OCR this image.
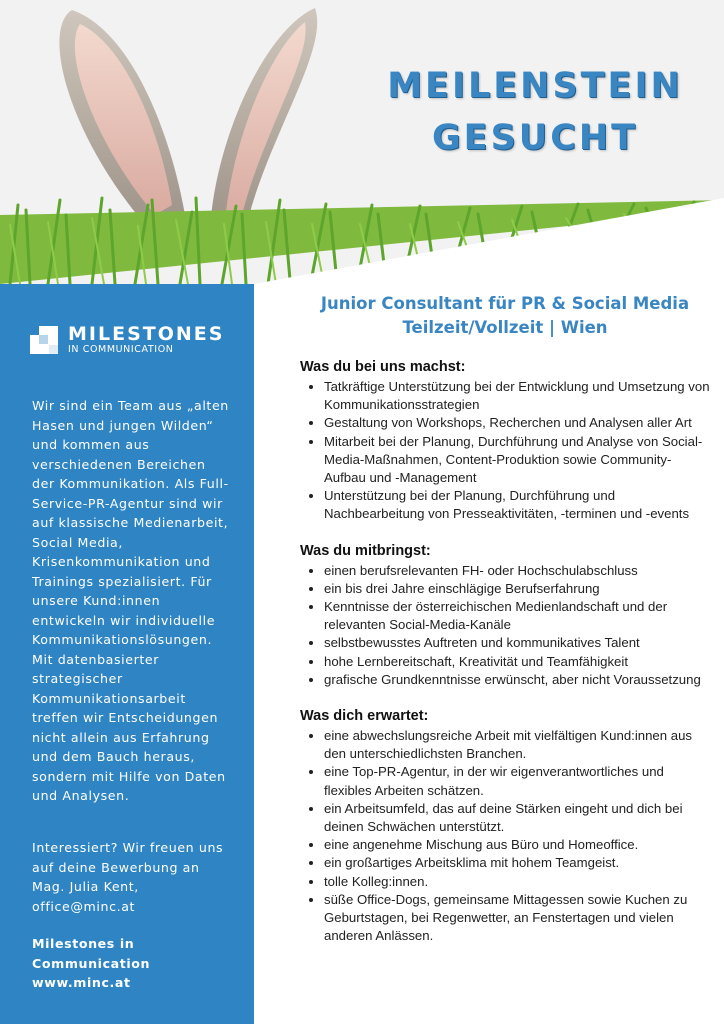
MEILENSTEIN
GESUCHT
MILESTONES
IN COMMUNICATION
Wir sind ein Team aus „alten Hasen und jungen Wilden“ und kommen aus verschiedenen Bereichen der Kommunikation. Als Full-Service-PR-Agentur sind wir auf klassische Medienarbeit, Social Media, Krisenkommunikation und Trainings spezialisiert. Für unsere Kund:innen entwickeln wir individuelle Kommunikationslösungen. Mit datenbasierter strategischer Kommunikationsarbeit treffen wir Entscheidungen nicht allein aus Erfahrung und dem Bauch heraus, sondern mit Hilfe von Daten und Analysen.
Interessiert? Wir freuen uns auf deine Bewerbung an
Mag. Julia Kent,
office@minc.at
Milestones in
Communication
www.minc.at
Junior Consultant für PR & Social Media
Teilzeit/Vollzeit | Wien
Was du bei uns machst:
• Tatkräftige Unterstützung bei der Entwicklung und Umsetzung von Kommunikationsstrategien
• Gestaltung von Workshops, Recherchen und Analysen aller Art
• Mitarbeit bei der Planung, Durchführung und Analyse von Social-Media-Maßnahmen, Content-Produktion sowie Community-Aufbau und -Management
• Unterstützung bei der Planung, Durchführung und Nachbearbeitung von Presseaktivitäten, -terminen und -events
Was du mitbringst:
• einen berufsrelevanten FH- oder Hochschulabschluss
• ein bis drei Jahre einschlägige Berufserfahrung
• Kenntnisse der österreichischen Medienlandschaft und der relevanten Social-Media-Kanäle
• selbstbewusstes Auftreten und kommunikatives Talent
• hohe Lernbereitschaft, Kreativität und Teamfähigkeit
• grafische Grundkenntnisse erwünscht, aber nicht Voraussetzung
Was dich erwartet:
• eine abwechslungsreiche Arbeit mit vielfältigen Kund:innen aus den unterschiedlichsten Branchen.
• eine Top-PR-Agentur, in der wir eigenverantwortliches und flexibles Arbeiten schätzen.
• ein Arbeitsumfeld, das auf deine Stärken eingeht und dich bei deinen Schwächen unterstützt.
• eine angenehme Mischung aus Büro und Homeoffice.
• ein großartiges Arbeitsklima mit hohem Teamgeist.
• tolle Kolleg:innen.
• süße Office-Dogs, gemeinsame Mittagessen sowie Kuchen zu Geburtstagen, bei Regenwetter, an Fenstertagen und vielen anderen Anlässen.
